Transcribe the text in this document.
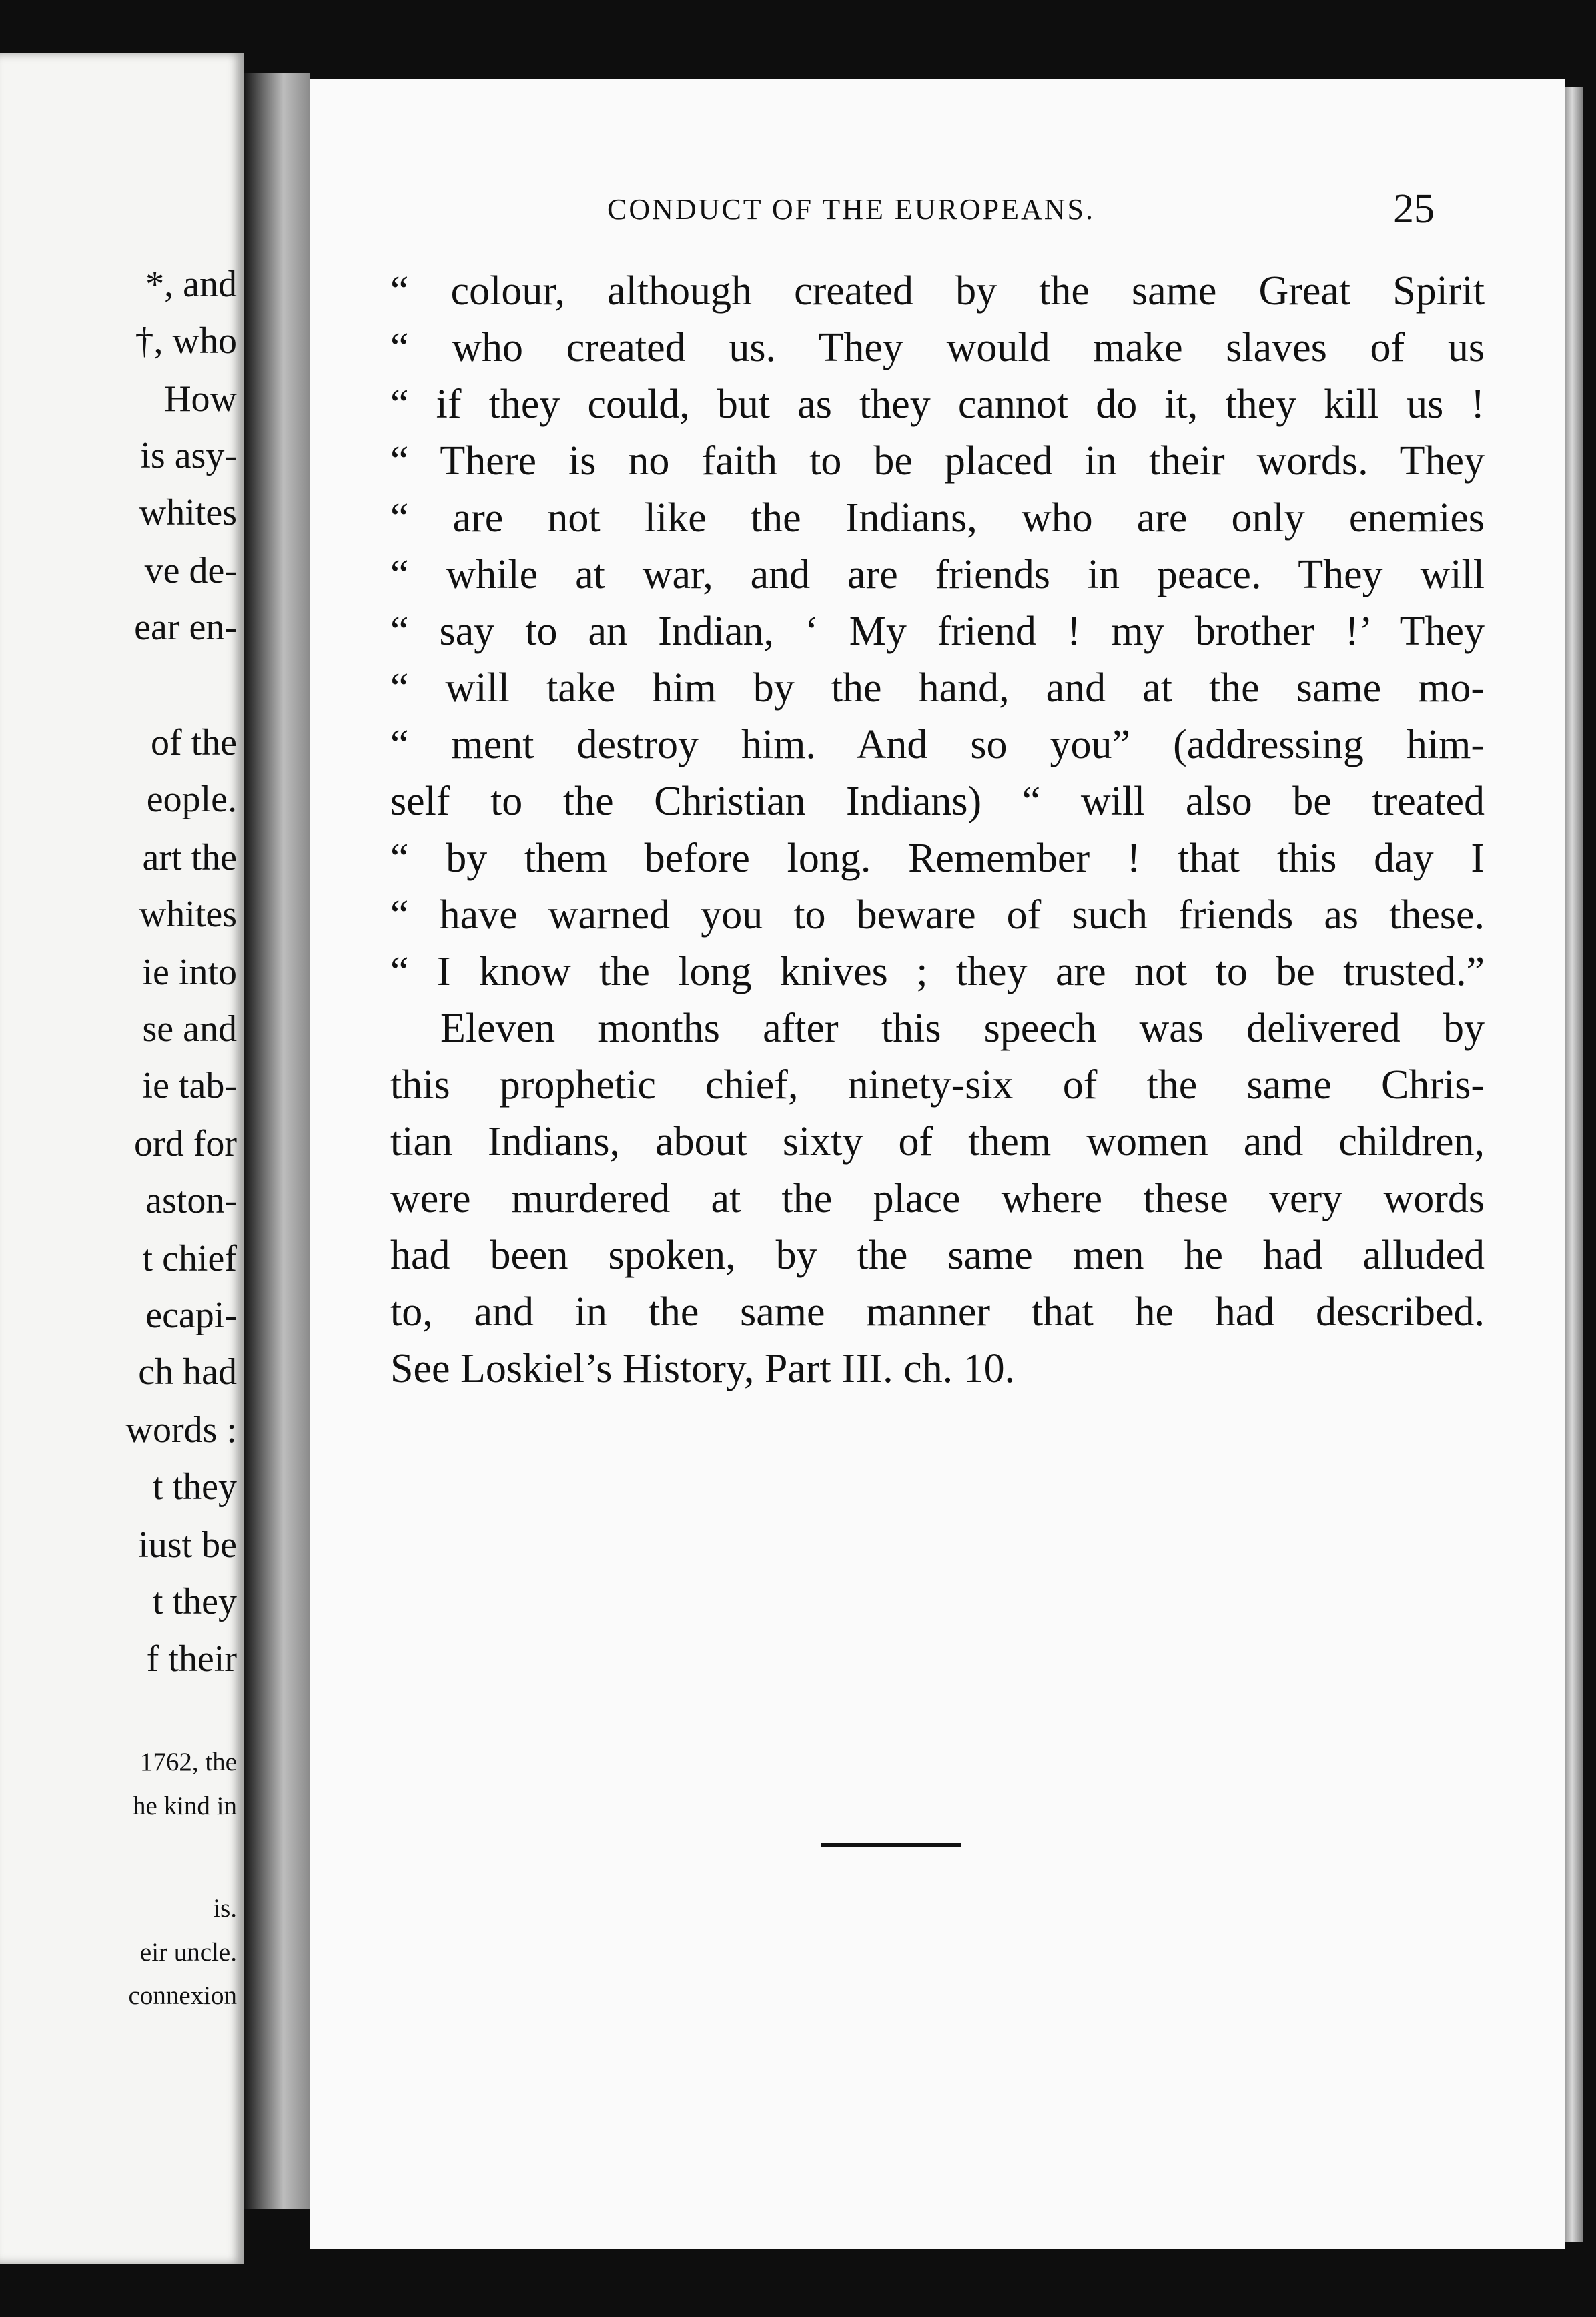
*, and
†, who
How
is asy-
whites
ve de-
ear en-
of the
eople.
art the
whites
ie into
se and
ie tab-
ord for
aston-
t chief
ecapi-
ch had
words :
t they
iust be
t they
f their
1762, the
he kind in
is.
eir uncle.
connexion
CONDUCT OF THE EUROPEANS.	25
“ colour, although created by the same Great Spirit
“ who created us. They would make slaves of us
“ if they could, but as they cannot do it, they kill us !
“ There is no faith to be placed in their words. They
“ are not like the Indians, who are only enemies
“ while at war, and are friends in peace. They will
“ say to an Indian, ‘ My friend ! my brother !’ They
“ will take him by the hand, and at the same mo-
“ ment destroy him. And so you” (addressing him-
self to the Christian Indians) “ will also be treated
“ by them before long. Remember ! that this day I
“ have warned you to beware of such friends as these.
“ I know the long knives ; they are not to be trusted.”
Eleven months after this speech was delivered by
this prophetic chief, ninety-six of the same Chris-
tian Indians, about sixty of them women and children,
were murdered at the place where these very words
had been spoken, by the same men he had alluded
to, and in the same manner that he had described.
See Loskiel’s History, Part III. ch. 10.
